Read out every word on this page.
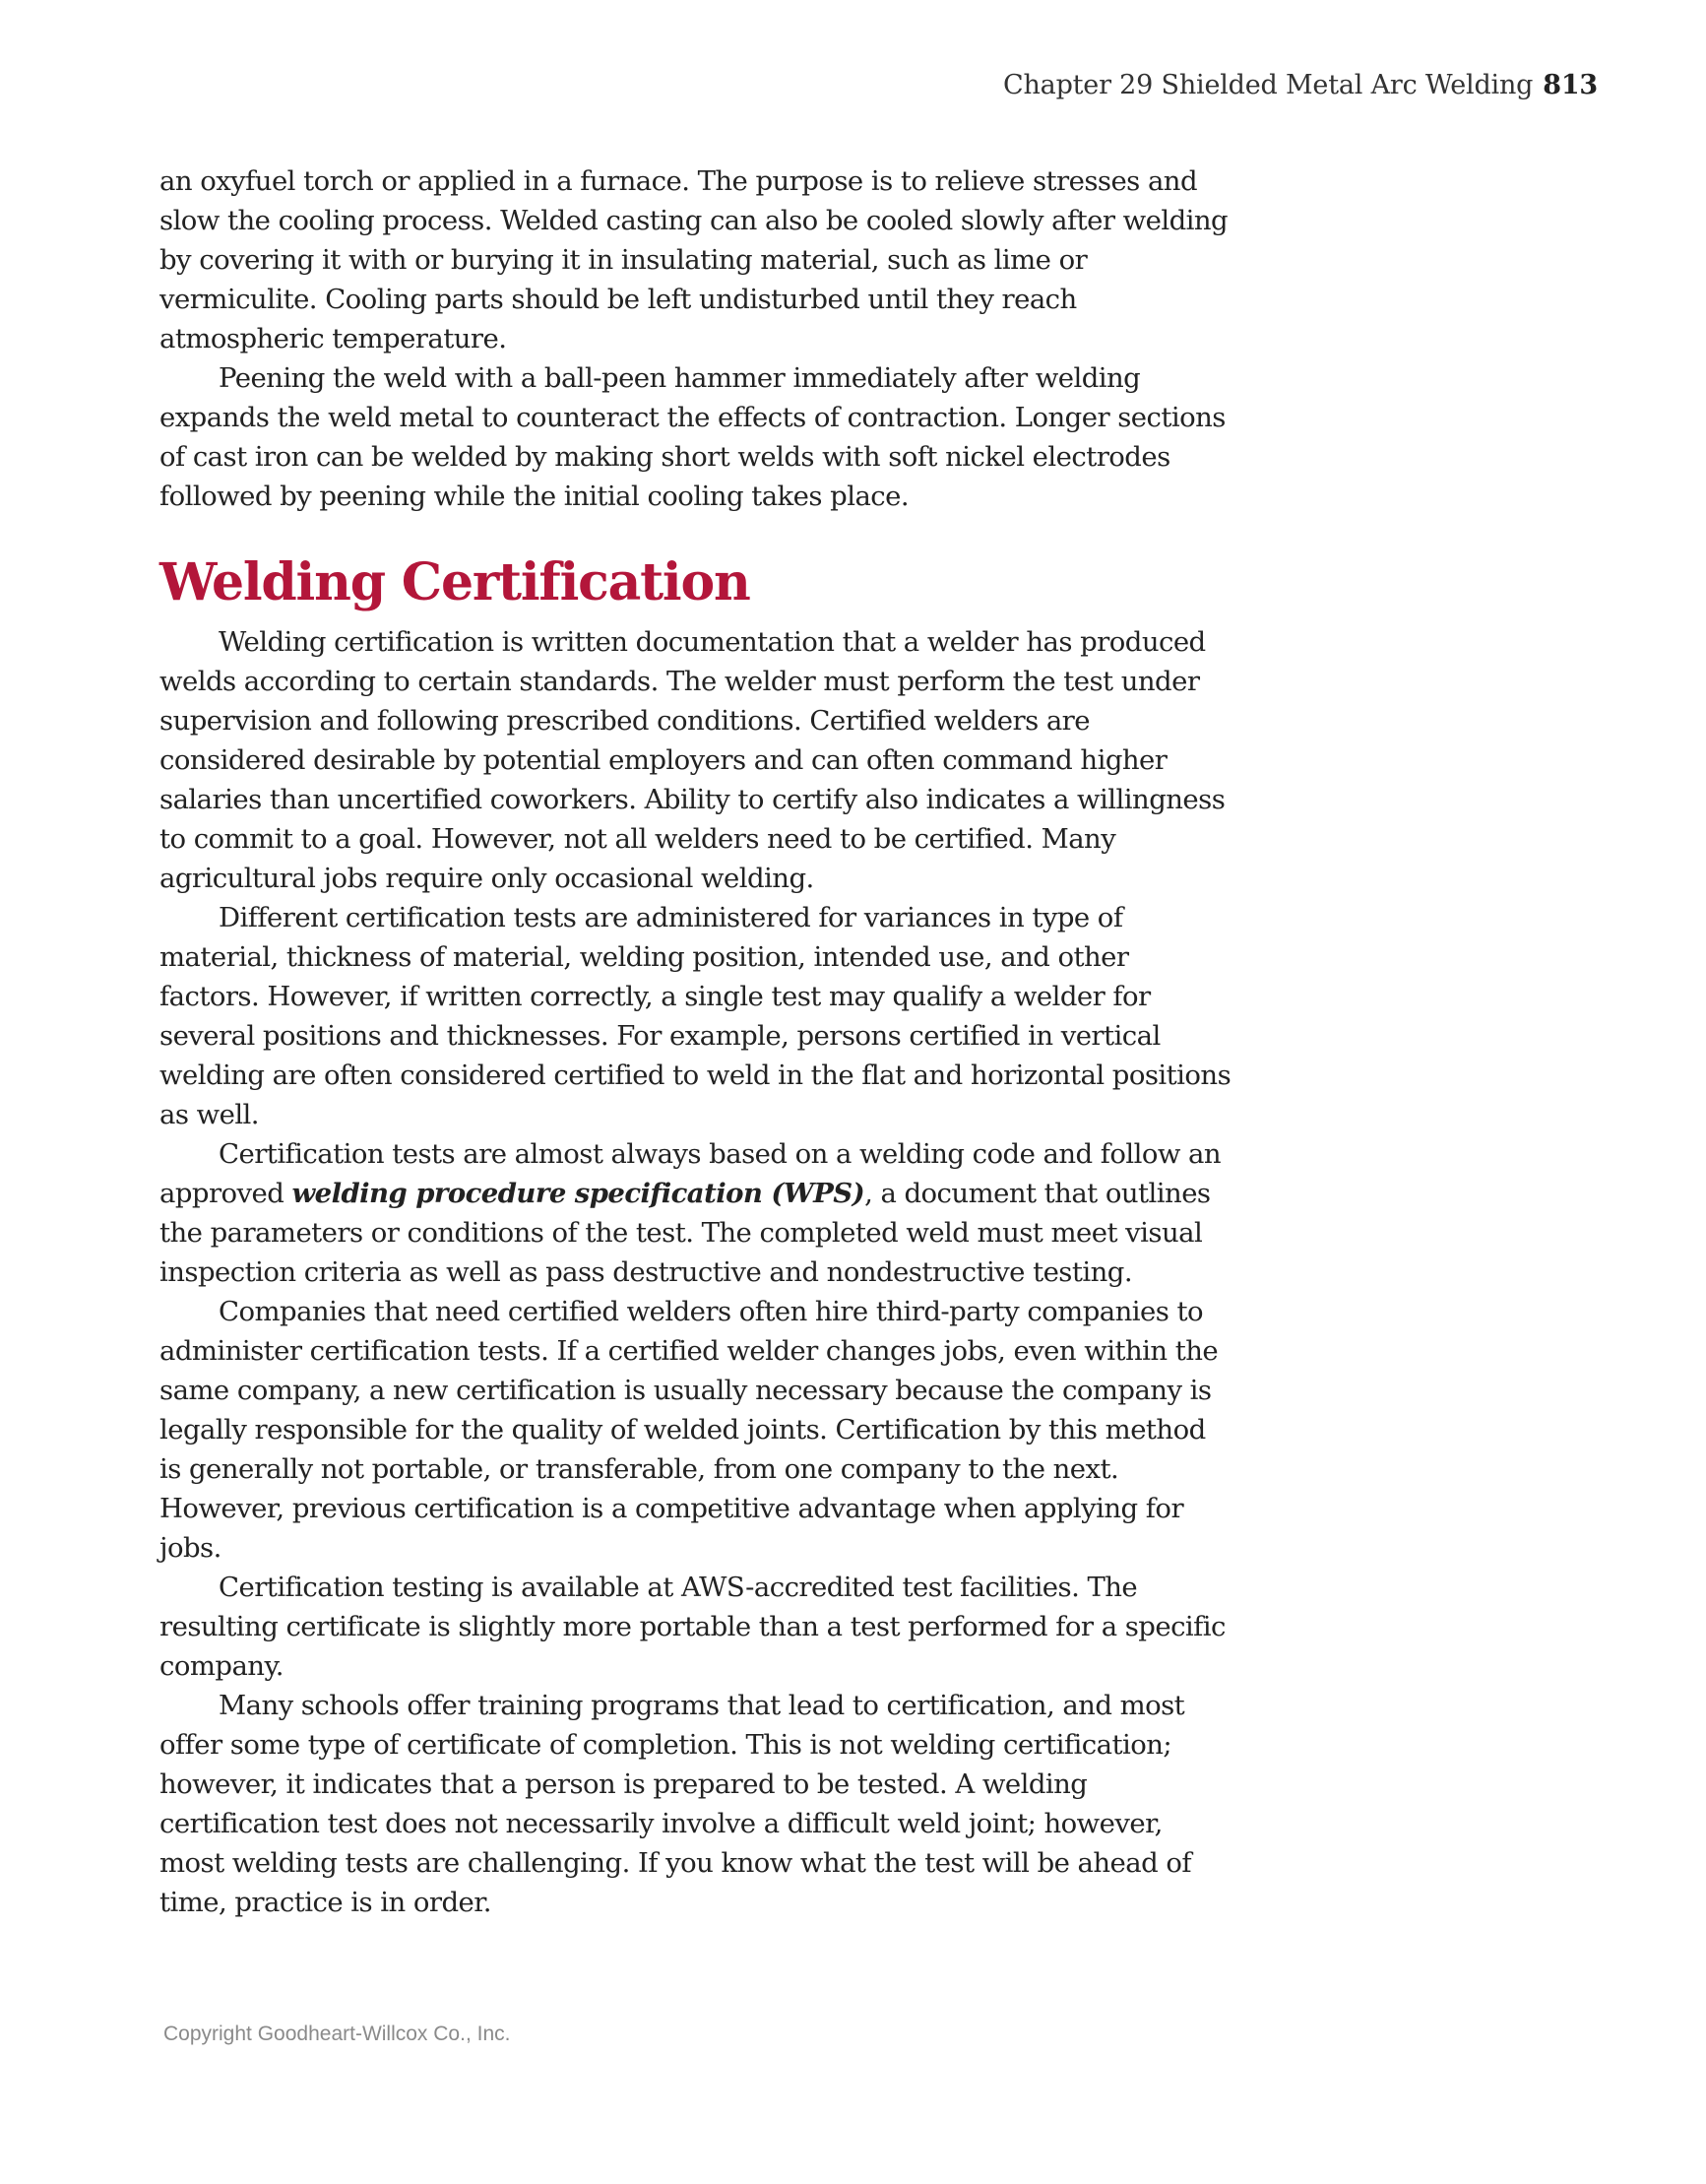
Chapter 29 Shielded Metal Arc Welding 813

an oxyfuel torch or applied in a furnace. The purpose is to relieve stresses and slow the cooling process. Welded casting can also be cooled slowly after welding by covering it with or burying it in insulating material, such as lime or vermiculite. Cooling parts should be left undisturbed until they reach atmospheric temperature.

Peening the weld with a ball-peen hammer immediately after welding expands the weld metal to counteract the effects of contraction. Longer sections of cast iron can be welded by making short welds with soft nickel electrodes followed by peening while the initial cooling takes place.

Welding Certification

Welding certification is written documentation that a welder has produced welds according to certain standards. The welder must perform the test under supervision and following prescribed conditions. Certified welders are considered desirable by potential employers and can often command higher salaries than uncertified coworkers. Ability to certify also indicates a willingness to commit to a goal. However, not all welders need to be certified. Many agricultural jobs require only occasional welding.

Different certification tests are administered for variances in type of material, thickness of material, welding position, intended use, and other factors. However, if written correctly, a single test may qualify a welder for several positions and thicknesses. For example, persons certified in vertical welding are often considered certified to weld in the flat and horizontal positions as well.

Certification tests are almost always based on a welding code and follow an approved welding procedure specification (WPS), a document that outlines the parameters or conditions of the test. The completed weld must meet visual inspection criteria as well as pass destructive and nondestructive testing.

Companies that need certified welders often hire third-party companies to administer certification tests. If a certified welder changes jobs, even within the same company, a new certification is usually necessary because the company is legally responsible for the quality of welded joints. Certification by this method is generally not portable, or transferable, from one company to the next. However, previous certification is a competitive advantage when applying for jobs.

Certification testing is available at AWS-accredited test facilities. The resulting certificate is slightly more portable than a test performed for a specific company.

Many schools offer training programs that lead to certification, and most offer some type of certificate of completion. This is not welding certification; however, it indicates that a person is prepared to be tested. A welding certification test does not necessarily involve a difficult weld joint; however, most welding tests are challenging. If you know what the test will be ahead of time, practice is in order.

Copyright Goodheart-Willcox Co., Inc.
